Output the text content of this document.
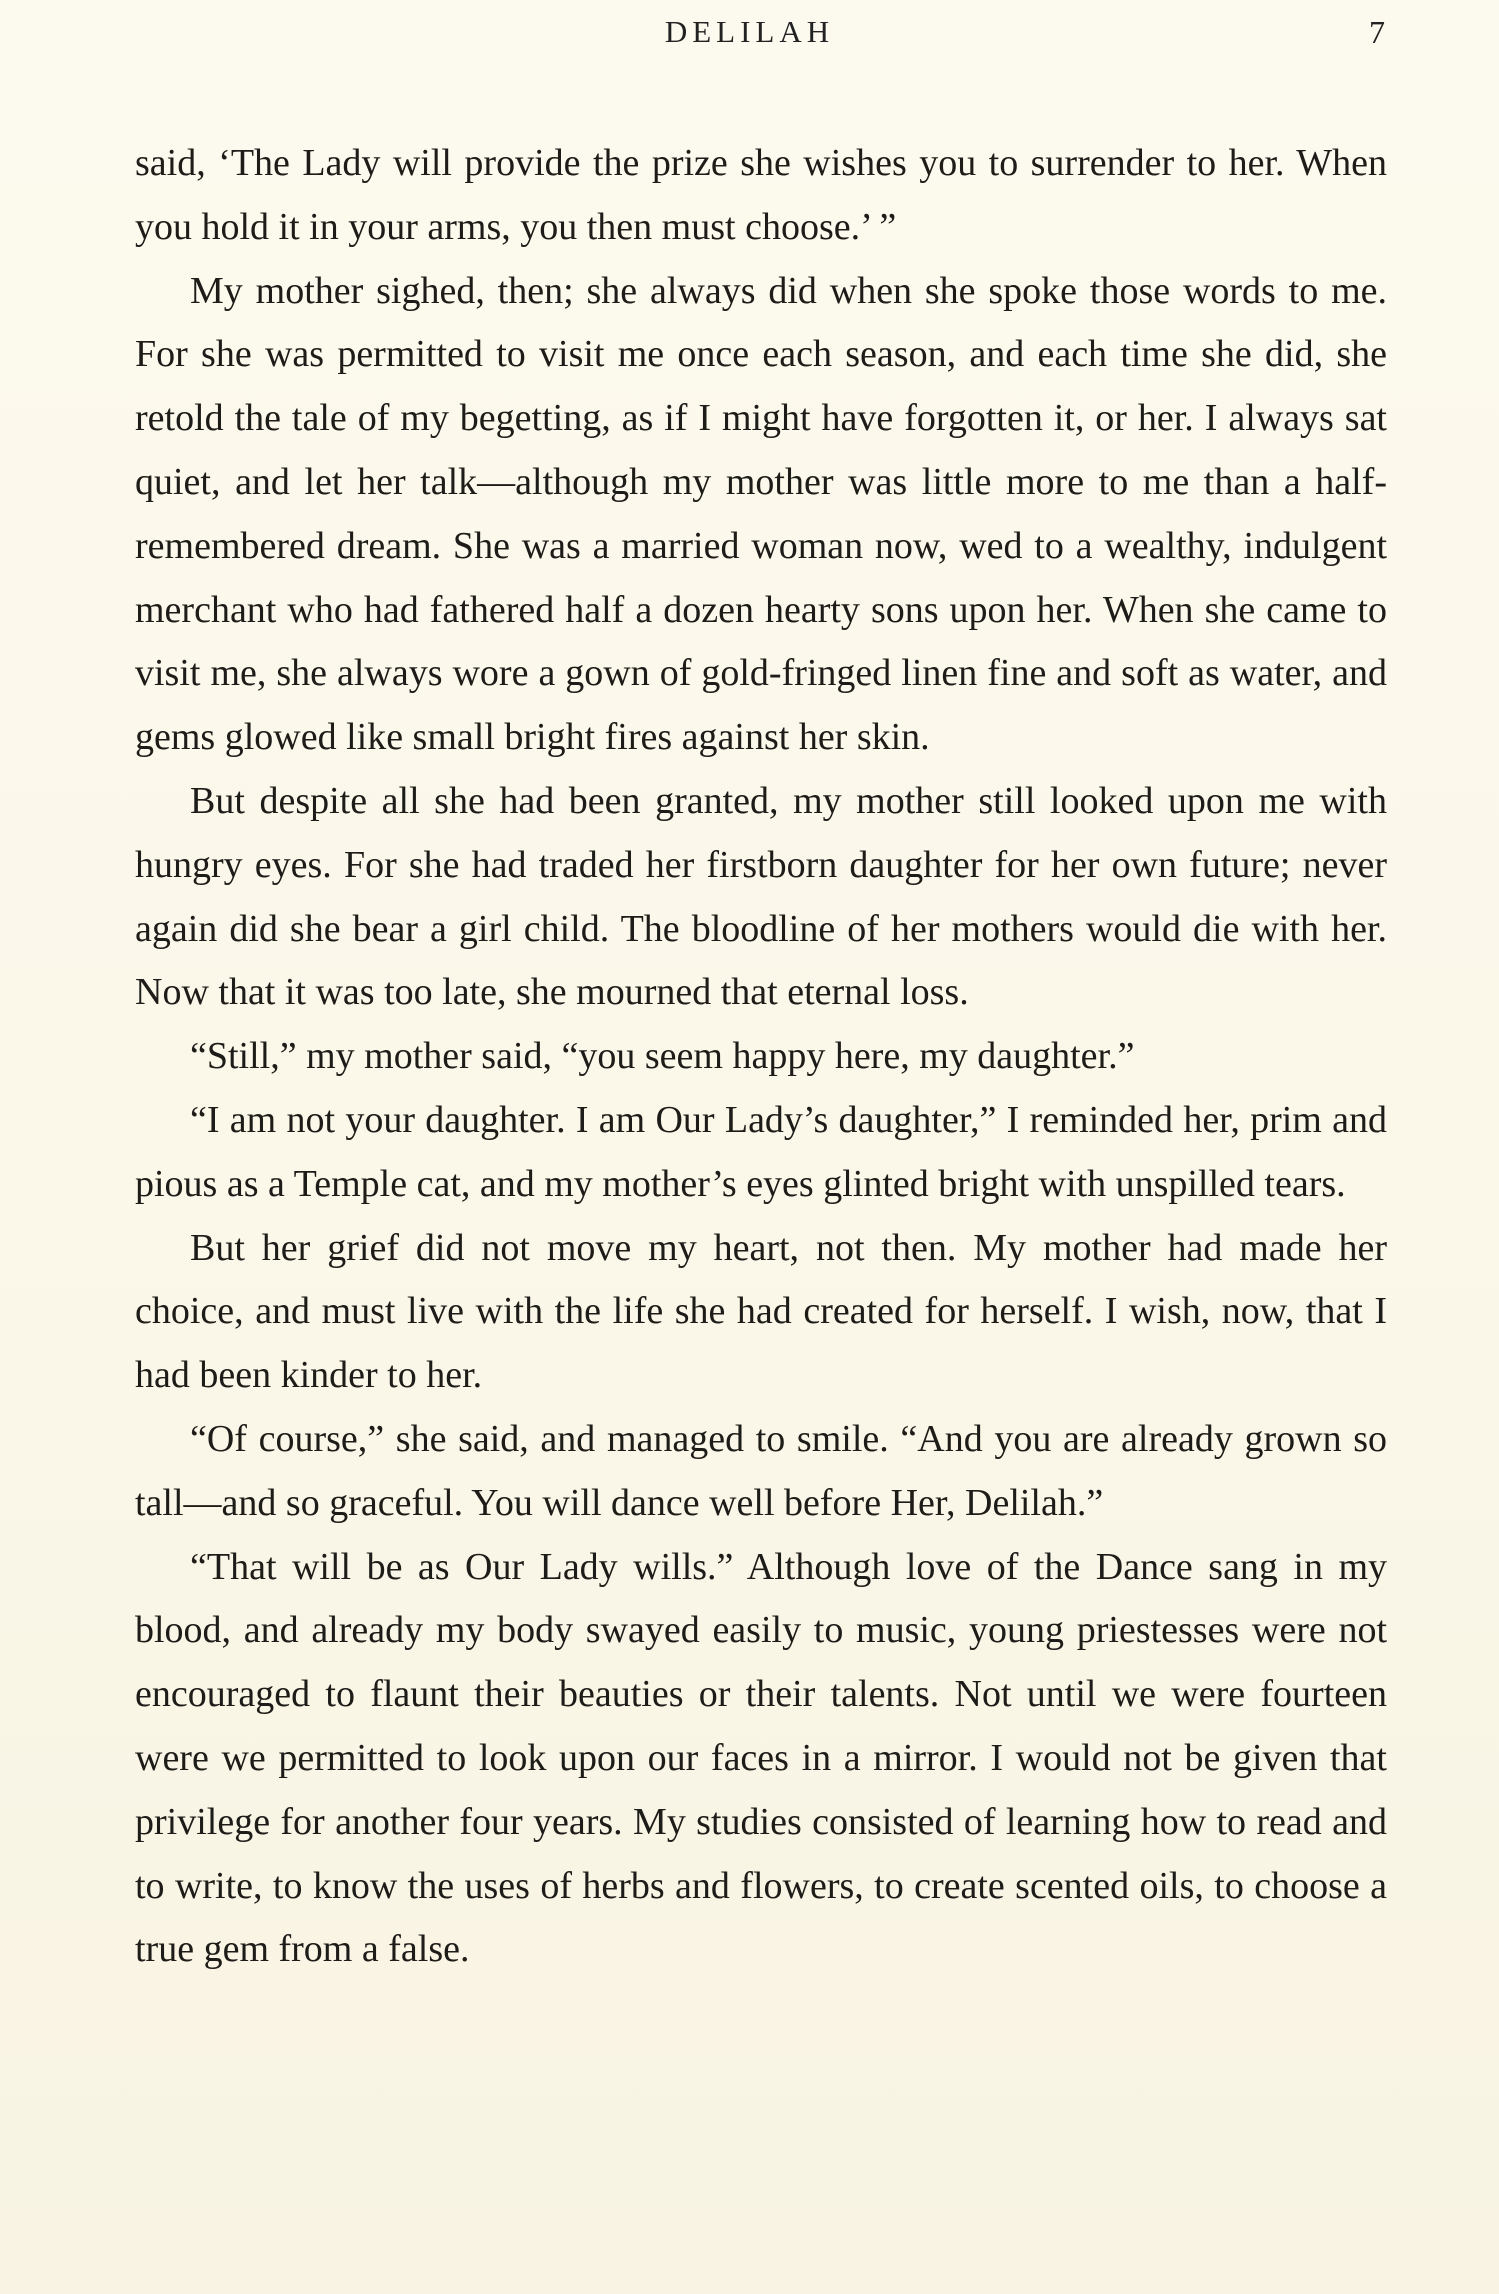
DELILAH	7

said, ‘The Lady will provide the prize she wishes you to surrender to her. When you hold it in your arms, you then must choose.’ ”

My mother sighed, then; she always did when she spoke those words to me. For she was permitted to visit me once each season, and each time she did, she retold the tale of my begetting, as if I might have forgotten it, or her. I always sat quiet, and let her talk—although my mother was little more to me than a half-remembered dream. She was a married woman now, wed to a wealthy, indulgent merchant who had fathered half a dozen hearty sons upon her. When she came to visit me, she always wore a gown of gold-fringed linen fine and soft as water, and gems glowed like small bright fires against her skin.

But despite all she had been granted, my mother still looked upon me with hungry eyes. For she had traded her firstborn daughter for her own future; never again did she bear a girl child. The bloodline of her mothers would die with her. Now that it was too late, she mourned that eternal loss.

“Still,” my mother said, “you seem happy here, my daughter.”

“I am not your daughter. I am Our Lady’s daughter,” I reminded her, prim and pious as a Temple cat, and my mother’s eyes glinted bright with unspilled tears.

But her grief did not move my heart, not then. My mother had made her choice, and must live with the life she had created for herself. I wish, now, that I had been kinder to her.

“Of course,” she said, and managed to smile. “And you are already grown so tall—and so graceful. You will dance well before Her, Delilah.”

“That will be as Our Lady wills.” Although love of the Dance sang in my blood, and already my body swayed easily to music, young priestesses were not encouraged to flaunt their beauties or their talents. Not until we were fourteen were we permitted to look upon our faces in a mirror. I would not be given that privilege for another four years. My studies consisted of learning how to read and to write, to know the uses of herbs and flowers, to create scented oils, to choose a true gem from a false.
